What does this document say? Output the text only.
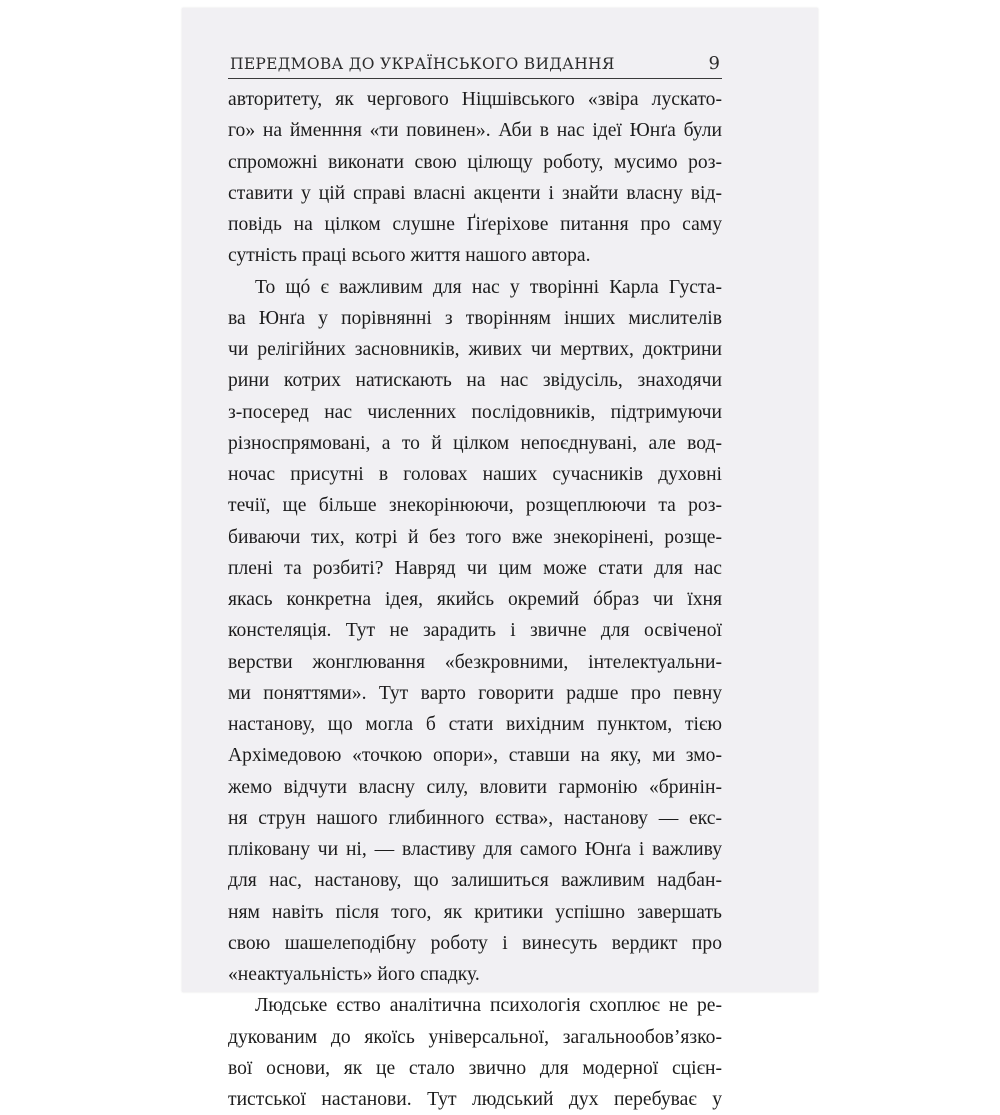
ПЕРЕДМОВА ДО УКРАЇНСЬКОГО ВИДАННЯ	9
авторитету, як чергового Ніцшівського «звіра лускато-
го» на йменння «ти повинен». Аби в нас ідеї Юнґа були
спроможні виконати свою цілющу роботу, мусимо роз-
ставити у цій справі власні акценти і знайти власну від-
повідь на цілком слушне Ґіґеріхове питання про саму
сутність праці всього життя нашого автора.
То щó є важливим для нас у творінні Карла Густа-
ва Юнґа у порівнянні з творінням інших мислителів
чи релігійних засновників, живих чи мертвих, доктрини
рини котрих натискають на нас звідусіль, знаходячи
з-посеред нас численних послідовників, підтримуючи
різноспрямовані, а то й цілком непоєднувані, але вод-
ночас присутні в головах наших сучасників духовні
течії, ще більше знекорінюючи, розщеплюючи та роз-
биваючи тих, котрі й без того вже знекорінені, розще-
плені та розбиті? Навряд чи цим може стати для нас
якась конкретна ідея, якийсь окремий óбраз чи їхня
констеляція. Тут не зарадить і звичне для освіченої
верстви жонглювання «безкровними, інтелектуальни-
ми поняттями». Тут варто говорити радше про певну
настанову, що могла б стати вихідним пунктом, тією
Архімедовою «точкою опори», ставши на яку, ми змо-
жемо відчути власну силу, вловити гармонію «бринін-
ня струн нашого глибинного єства», настанову — екс-
пліковану чи ні, — властиву для самого Юнґа і важливу
для нас, настанову, що залишиться важливим надбан-
ням навіть після того, як критики успішно завершать
свою шашелеподібну роботу і винесуть вердикт про
«неактуальність» його спадку.
Людське єство аналітична психологія схоплює не ре-
дукованим до якоїсь універсальної, загальнообов’язко-
вої основи, як це стало звично для модерної сцієн-
тистської настанови. Тут людський дух перебуває у
